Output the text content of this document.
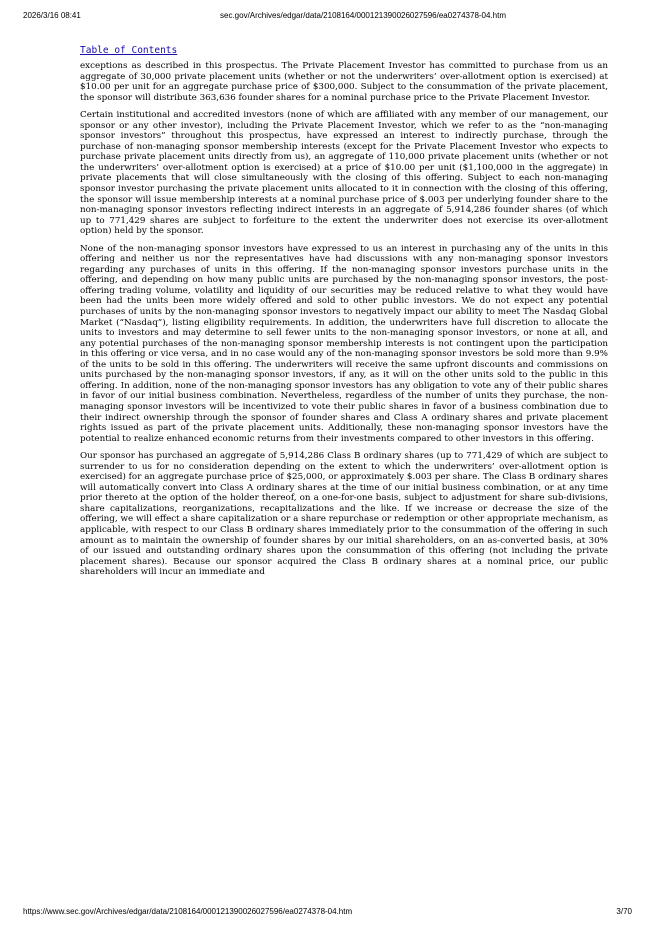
2026/3/16 08:41	sec.gov/Archives/edgar/data/2108164/000121390026027596/ea0274378-04.htm
Table of Contents

exceptions as described in this prospectus. The Private Placement Investor has committed to purchase from us an aggregate of 30,000 private placement units (whether or not the underwriters’ over-allotment option is exercised) at $10.00 per unit for an aggregate purchase price of $300,000. Subject to the consummation of the private placement, the sponsor will distribute 363,636 founder shares for a nominal purchase price to the Private Placement Investor.

Certain institutional and accredited investors (none of which are affiliated with any member of our management, our sponsor or any other investor), including the Private Placement Investor, which we refer to as the “non-managing sponsor investors” throughout this prospectus, have expressed an interest to indirectly purchase, through the purchase of non-managing sponsor membership interests (except for the Private Placement Investor who expects to purchase private placement units directly from us), an aggregate of 110,000 private placement units (whether or not the underwriters’ over-allotment option is exercised) at a price of $10.00 per unit ($1,100,000 in the aggregate) in private placements that will close simultaneously with the closing of this offering. Subject to each non-managing sponsor investor purchasing the private placement units allocated to it in connection with the closing of this offering, the sponsor will issue membership interests at a nominal purchase price of $.003 per underlying founder share to the non-managing sponsor investors reflecting indirect interests in an aggregate of 5,914,286 founder shares (of which up to 771,429 shares are subject to forfeiture to the extent the underwriter does not exercise its over-allotment option) held by the sponsor.

None of the non-managing sponsor investors have expressed to us an interest in purchasing any of the units in this offering and neither us nor the representatives have had discussions with any non-managing sponsor investors regarding any purchases of units in this offering. If the non-managing sponsor investors purchase units in the offering, and depending on how many public units are purchased by the non-managing sponsor investors, the post-offering trading volume, volatility and liquidity of our securities may be reduced relative to what they would have been had the units been more widely offered and sold to other public investors. We do not expect any potential purchases of units by the non-managing sponsor investors to negatively impact our ability to meet The Nasdaq Global Market (“Nasdaq”), listing eligibility requirements. In addition, the underwriters have full discretion to allocate the units to investors and may determine to sell fewer units to the non-managing sponsor investors, or none at all, and any potential purchases of the non-managing sponsor membership interests is not contingent upon the participation in this offering or vice versa, and in no case would any of the non-managing sponsor investors be sold more than 9.9% of the units to be sold in this offering. The underwriters will receive the same upfront discounts and commissions on units purchased by the non-managing sponsor investors, if any, as it will on the other units sold to the public in this offering. In addition, none of the non-managing sponsor investors has any obligation to vote any of their public shares in favor of our initial business combination. Nevertheless, regardless of the number of units they purchase, the non-managing sponsor investors will be incentivized to vote their public shares in favor of a business combination due to their indirect ownership through the sponsor of founder shares and Class A ordinary shares and private placement rights issued as part of the private placement units. Additionally, these non-managing sponsor investors have the potential to realize enhanced economic returns from their investments compared to other investors in this offering.

Our sponsor has purchased an aggregate of 5,914,286 Class B ordinary shares (up to 771,429 of which are subject to surrender to us for no consideration depending on the extent to which the underwriters’ over-allotment option is exercised) for an aggregate purchase price of $25,000, or approximately $.003 per share. The Class B ordinary shares will automatically convert into Class A ordinary shares at the time of our initial business combination, or at any time prior thereto at the option of the holder thereof, on a one-for-one basis, subject to adjustment for share sub-divisions, share capitalizations, reorganizations, recapitalizations and the like. If we increase or decrease the size of the offering, we will effect a share capitalization or a share repurchase or redemption or other appropriate mechanism, as applicable, with respect to our Class B ordinary shares immediately prior to the consummation of the offering in such amount as to maintain the ownership of founder shares by our initial shareholders, on an as-converted basis, at 30% of our issued and outstanding ordinary shares upon the consummation of this offering (not including the private placement shares). Because our sponsor acquired the Class B ordinary shares at a nominal price, our public shareholders will incur an immediate and

https://www.sec.gov/Archives/edgar/data/2108164/000121390026027596/ea0274378-04.htm	3/70
